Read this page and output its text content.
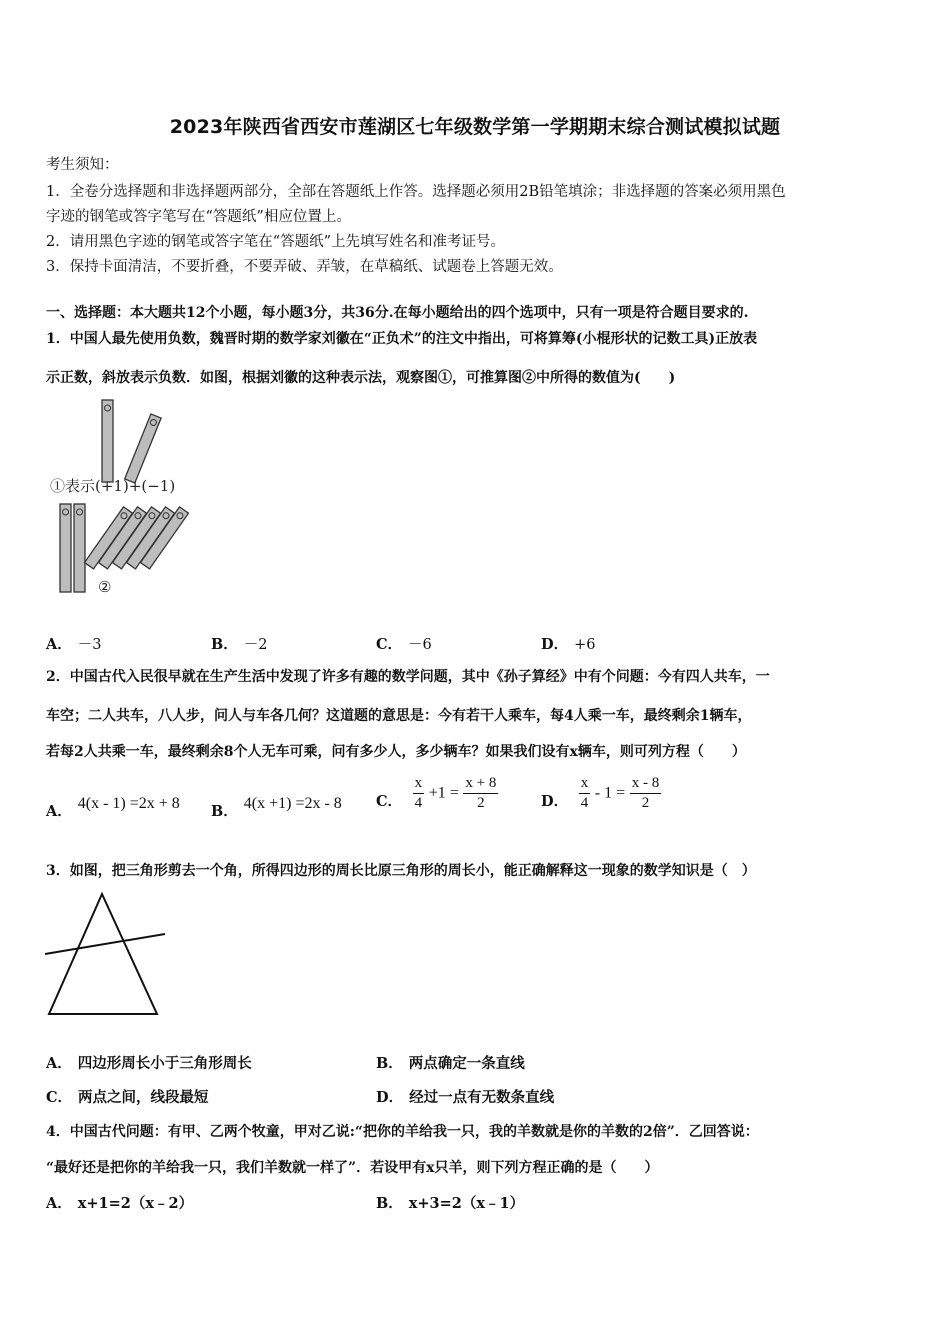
2023年陕西省西安市莲湖区七年级数学第一学期期末综合测试模拟试题
考生须知：
1．全卷分选择题和非选择题两部分，全部在答题纸上作答。选择题必须用2B铅笔填涂；非选择题的答案必须用黑色
字迹的钢笔或答字笔写在“答题纸”相应位置上。
2．请用黑色字迹的钢笔或答字笔在“答题纸”上先填写姓名和准考证号。
3．保持卡面清洁，不要折叠，不要弄破、弄皱，在草稿纸、试题卷上答题无效。
一、选择题：本大题共12个小题，每小题3分，共36分.在每小题给出的四个选项中，只有一项是符合题目要求的.
1．中国人最先使用负数，魏晋时期的数学家刘徽在“正负术”的注文中指出，可将算筹(小棍形状的记数工具)正放表
示正数，斜放表示负数．如图，根据刘徽的这种表示法，观察图①，可推算图②中所得的数值为(　　)
①表示(+1)+(−1)
②
A． －3	B． －2	C． －6	D． +6
2．中国古代入民很早就在生产生活中发现了许多有趣的数学问题，其中《孙子算经》中有个问题：今有四人共车，一
车空；二人共车，八人步，问人与车各几何？这道题的意思是：今有若干人乘车，每4人乘一车，最终剩余1辆车，
若每2人共乘一车，最终剩余8个人无车可乘，问有多少人，多少辆车？如果我们设有x辆车，则可列方程（　　）
A． 4(x - 1) =2x + 8 B． 4(x +1) =2x - 8 C． $\frac{x}{4} +1 = \frac{x + 8}{2}$	D． $\frac{x}{4} - 1 = \frac{x - 8}{2}$
3．如图，把三角形剪去一个角，所得四边形的周长比原三角形的周长小，能正确解释这一现象的数学知识是（　）
A． 四边形周长小于三角形周长	B． 两点确定一条直线
C． 两点之间，线段最短	D． 经过一点有无数条直线
4．中国古代问题：有甲、乙两个牧童，甲对乙说:“把你的羊给我一只，我的羊数就是你的羊数的2倍”．乙回答说：
“最好还是把你的羊给我一只，我们羊数就一样了”．若设甲有x只羊，则下列方程正确的是（　　）
A． x+1=2（x﹣2）	B． x+3=2（x﹣1）
